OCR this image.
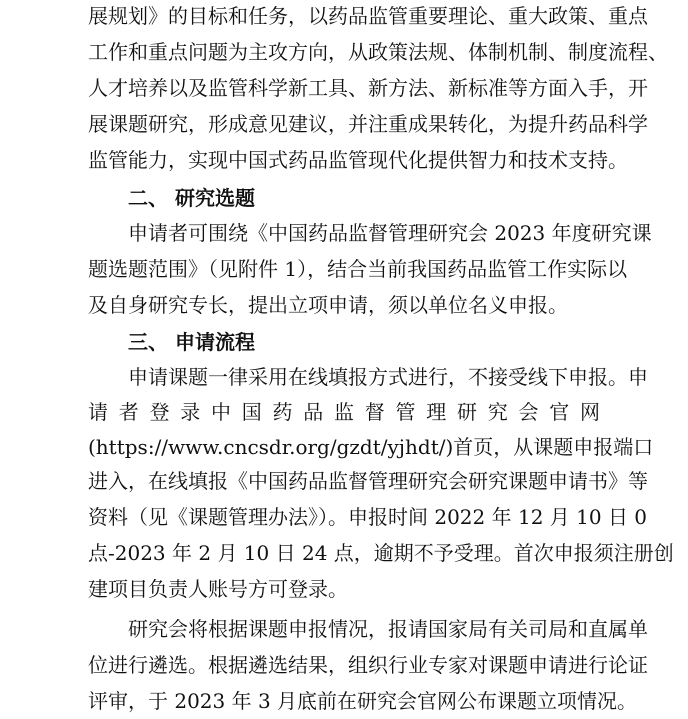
展规划》的目标和任务，以药品监管重要理论、重大政策、重点
工作和重点问题为主攻方向，从政策法规、体制机制、制度流程、
人才培养以及监管科学新工具、新方法、新标准等方面入手，开
展课题研究，形成意见建议，并注重成果转化，为提升药品科学
监管能力，实现中国式药品监管现代化提供智力和技术支持。
二、 研究选题
申请者可围绕《中国药品监督管理研究会 2023 年度研究课
题选题范围》（见附件 1），结合当前我国药品监管工作实际以
及自身研究专长，提出立项申请，须以单位名义申报。
三、 申请流程
申请课题一律采用在线填报方式进行，不接受线下申报。申
请 者 登 录 中 国 药 品 监 督 管 理 研 究 会 官 网
(https://www.cncsdr.org/gzdt/yjhdt/)首页，从课题申报端口
进入，在线填报《中国药品监督管理研究会研究课题申请书》等
资料（见《课题管理办法》）。申报时间 2022 年 12 月 10 日 0
点-2023 年 2 月 10 日 24 点，逾期不予受理。首次申报须注册创
建项目负责人账号方可登录。
研究会将根据课题申报情况，报请国家局有关司局和直属单
位进行遴选。根据遴选结果，组织行业专家对课题申请进行论证
评审，于 2023 年 3 月底前在研究会官网公布课题立项情况。
